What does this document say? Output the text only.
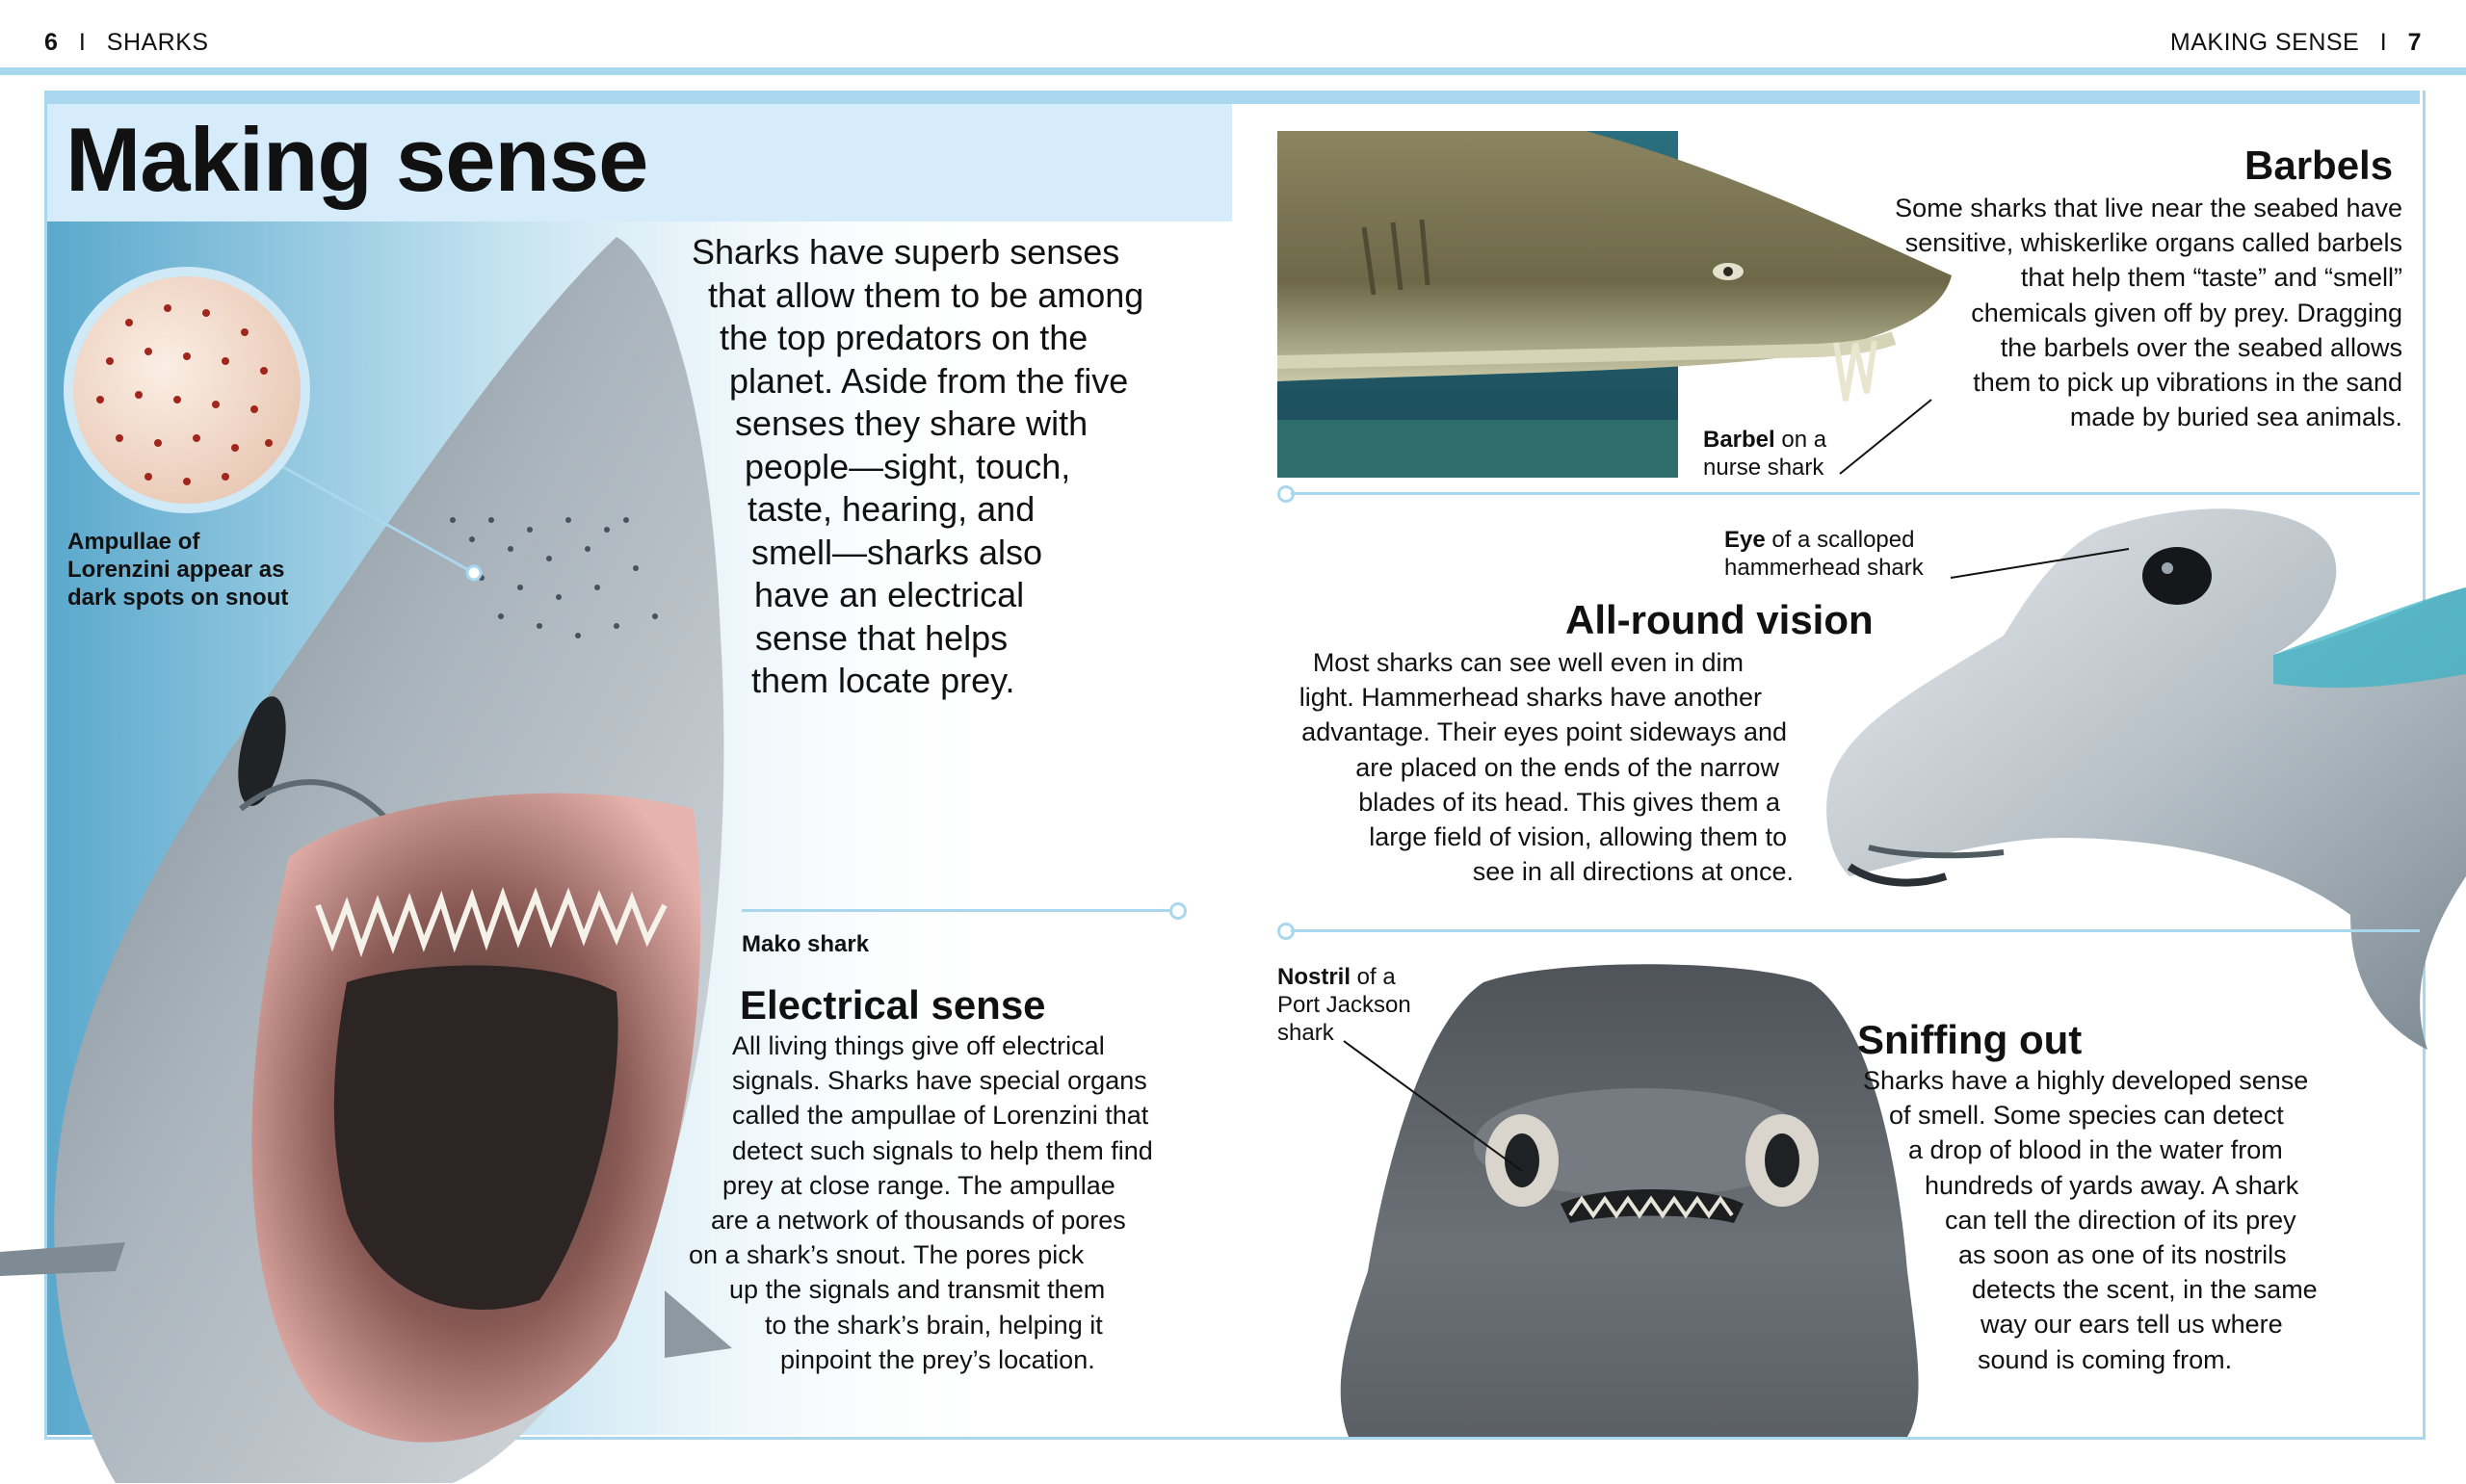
6 I SHARKS	MAKING SENSE I 7
Making sense
Ampullae of Lorenzini appear as dark spots on snout
Sharks have superb senses
that allow them to be among
the top predators on the
planet. Aside from the five
senses they share with
people—sight, touch,
taste, hearing, and
smell—sharks also
have an electrical
sense that helps
them locate prey.
Mako shark
Electrical sense
All living things give off electrical
signals. Sharks have special organs
called the ampullae of Lorenzini that
detect such signals to help them find
prey at close range. The ampullae
are a network of thousands of pores
on a shark’s snout. The pores pick
up the signals and transmit them
to the shark’s brain, helping it
pinpoint the prey’s location.
Barbels
Some sharks that live near the seabed have
sensitive, whiskerlike organs called barbels
that help them “taste” and “smell”
chemicals given off by prey. Dragging
the barbels over the seabed allows
them to pick up vibrations in the sand
made by buried sea animals.
Barbel on a
nurse shark
Eye of a scalloped hammerhead shark
All-round vision
Most sharks can see well even in dim
light. Hammerhead sharks have another
advantage. Their eyes point sideways and
are placed on the ends of the narrow
blades of its head. This gives them a
large field of vision, allowing them to
see in all directions at once.
Nostril of a
Port Jackson
shark	Sniffing out
Sharks have a highly developed sense
of smell. Some species can detect
a drop of blood in the water from
hundreds of yards away. A shark
can tell the direction of its prey
as soon as one of its nostrils
detects the scent, in the same
way our ears tell us where
sound is coming from.
